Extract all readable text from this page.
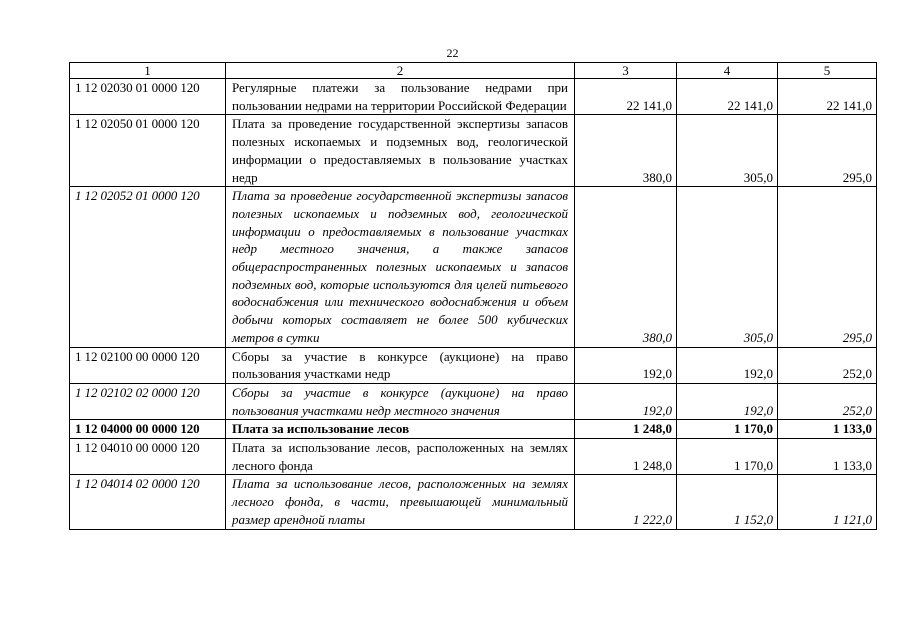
22
1	2	3	4	5
1 12 02030 01 0000 120	Регулярные платежи за пользование недрами при пользовании недрами на территории Российской Федерации	22 141,0	22 141,0	22 141,0
1 12 02050 01 0000 120	Плата за проведение государственной экспертизы запасов полезных ископаемых и подземных вод, геологической информации о предоставляемых в пользование участках недр	380,0	305,0	295,0
1 12 02052 01 0000 120	Плата за проведение государственной экспертизы запасов полезных ископаемых и подземных вод, геологической информации о предоставляемых в пользование участках недр местного значения, а также запасов общераспространенных полезных ископаемых и запасов подземных вод, которые используются для целей питьевого водоснабжения или технического водоснабжения и объем добычи которых составляет не более 500 кубических метров в сутки	380,0	305,0	295,0
1 12 02100 00 0000 120	Сборы за участие в конкурсе (аукционе) на право пользования участками недр	192,0	192,0	252,0
1 12 02102 02 0000 120	Сборы за участие в конкурсе (аукционе) на право пользования участками недр местного значения	192,0	192,0	252,0
1 12 04000 00 0000 120	Плата за использование лесов	1 248,0	1 170,0	1 133,0
1 12 04010 00 0000 120	Плата за использование лесов, расположенных на землях лесного фонда	1 248,0	1 170,0	1 133,0
1 12 04014 02 0000 120	Плата за использование лесов, расположенных на землях лесного фонда, в части, превышающей минимальный размер арендной платы	1 222,0	1 152,0	1 121,0
